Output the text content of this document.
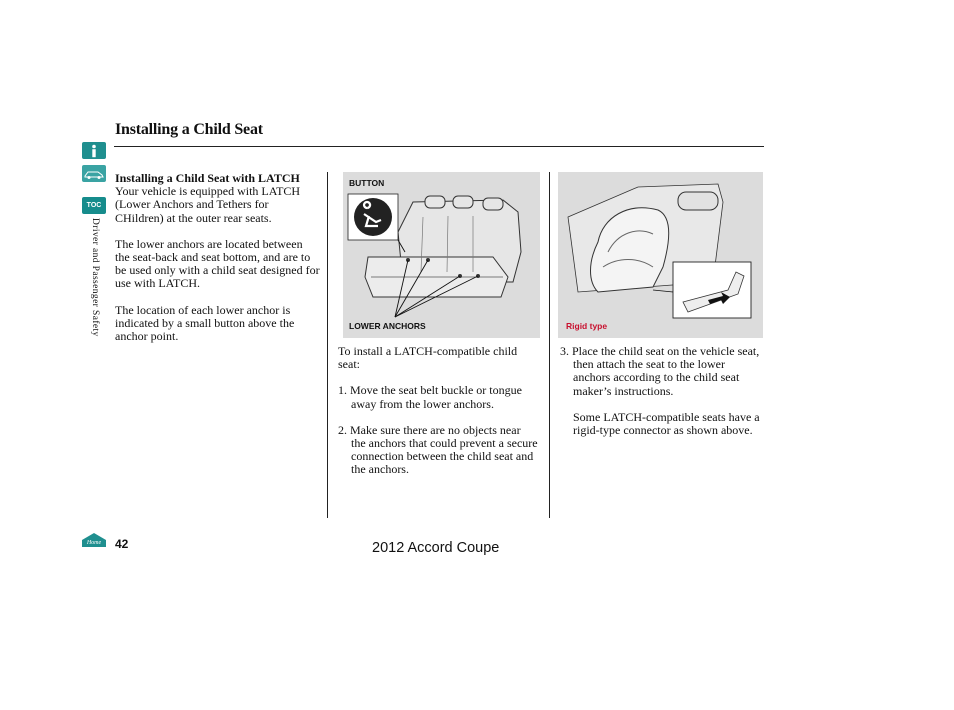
Installing a Child Seat
TOC
Driver and Passenger Safety
Installing a Child Seat with LATCH

Your vehicle is equipped with LATCH (Lower Anchors and Tethers for CHildren) at the outer rear seats.

The lower anchors are located between the seat-back and seat bottom, and are to be used only with a child seat designed for use with LATCH.

The location of each lower anchor is indicated by a small button above the anchor point.

BUTTON
LOWER ANCHORS	Rigid type

To install a LATCH-compatible child seat:

1. Move the seat belt buckle or tongue away from the lower anchors.

2. Make sure there are no objects near the anchors that could prevent a secure connection between the child seat and the anchors.

3. Place the child seat on the vehicle seat, then attach the seat to the lower anchors according to the child seat maker’s instructions.

Some LATCH-compatible seats have a rigid-type connector as shown above.

Home 42	2012 Accord Coupe
